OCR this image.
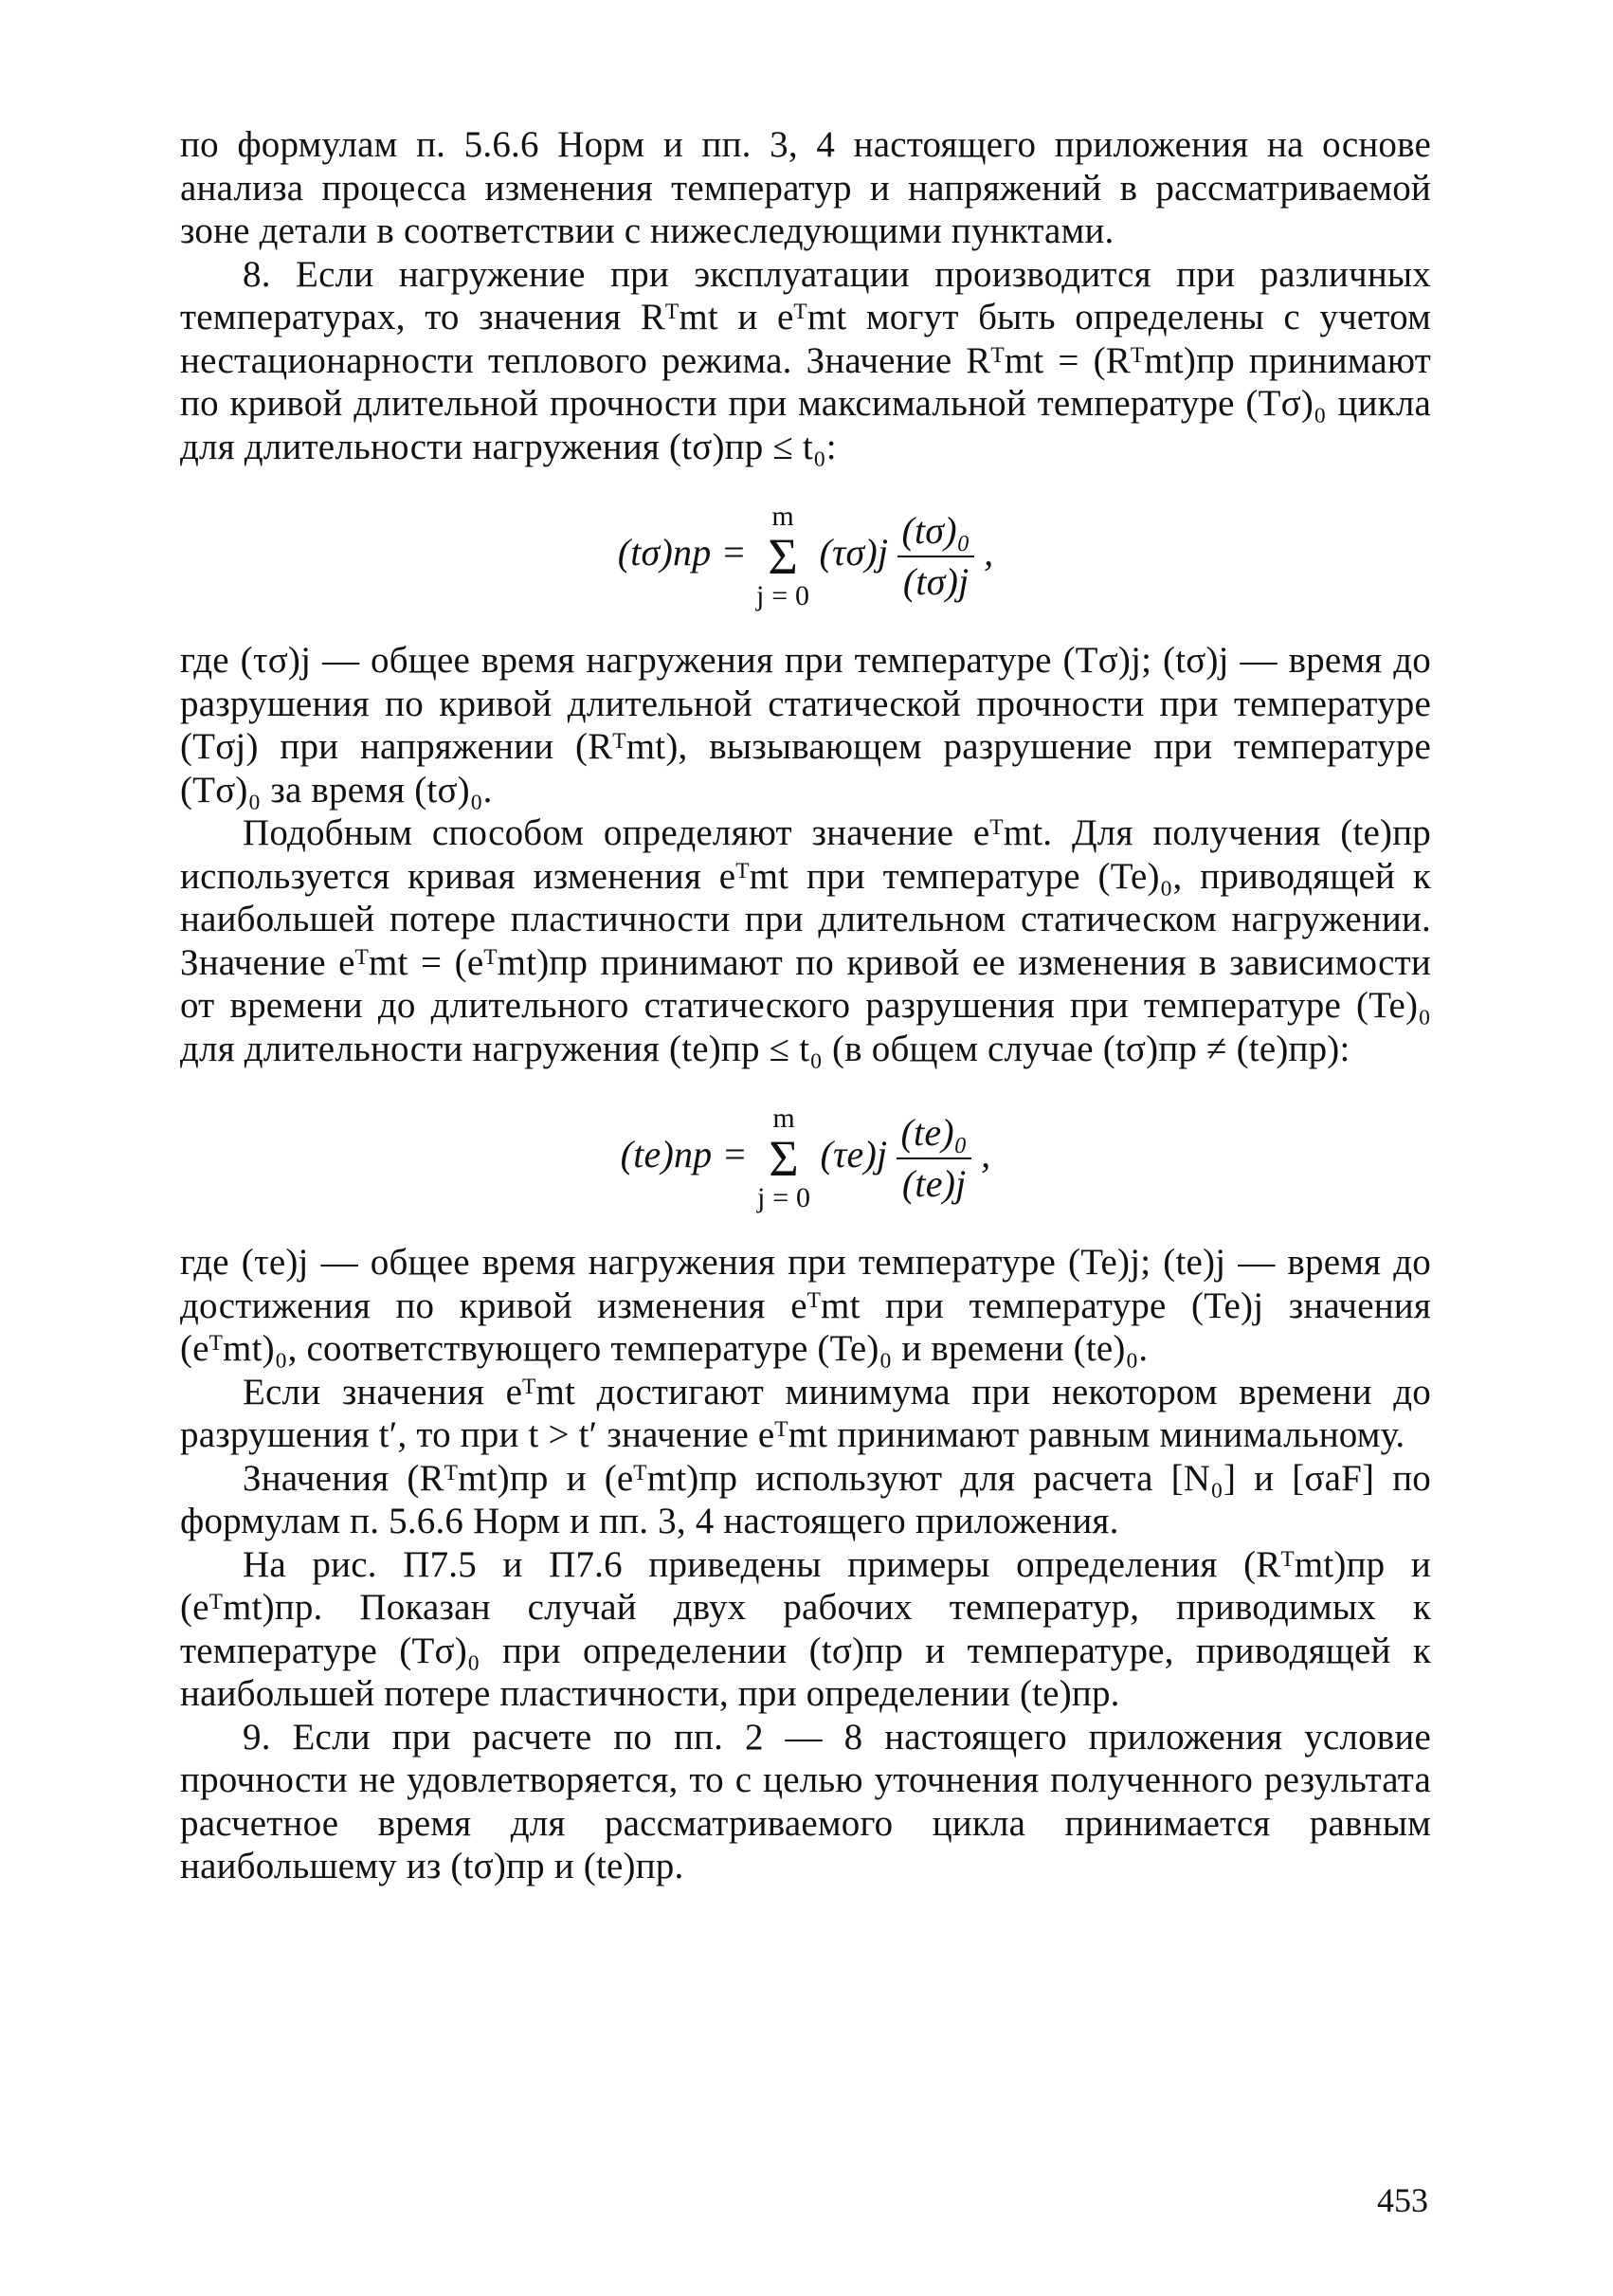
по формулам п. 5.6.6 Норм и пп. 3, 4 настоящего приложения на основе анализа процесса изменения температур и напряжений в рассматриваемой зоне детали в соответствии с нижеследующими пунктами.

8. Если нагружение при эксплуатации производится при различных температурах, то значения Rᵀmt и eᵀmt могут быть определены с учетом нестационарности теплового режима. Значение Rᵀmt = (Rᵀmt)пр принимают по кривой длительной прочности при максимальной температуре (Tσ)₀ цикла для длительности нагружения (tσ)пр ≤ t₀:

(tσ)пр = m
Σ
j = 0 $(\tau\sigma)j \frac{\text{(tσ)₀}}{(t\sigma)j}$ ,

где (τσ)j — общее время нагружения при температуре (Tσ)j; (tσ)j — время до разрушения по кривой длительной статической прочности при температуре (Tσj) при напряжении (Rᵀmt), вызывающем разрушение при температуре (Tσ)₀ за время (tσ)₀.

Подобным способом определяют значение eᵀmt. Для получения (te)пр используется кривая изменения eᵀmt при температуре (Te)₀, приводящей к наибольшей потере пластичности при длительном статическом нагружении. Значение eᵀmt = (eᵀmt)пр принимают по кривой ее изменения в зависимости от времени до длительного статического разрушения при температуре (Te)₀ для длительности нагружения (te)пр ≤ t₀ (в общем случае (tσ)пр ≠ (te)пр):

(te)пр = m
Σ
j = 0 $(\tau e)j \frac{\text{(te)₀}}{(te)j}$ ,

где (τe)j — общее время нагружения при температуре (Te)j; (te)j — время до достижения по кривой изменения eᵀmt при температуре (Te)j значения (eᵀmt)₀, соответствующего температуре (Te)₀ и времени (te)₀.

Если значения eᵀmt достигают минимума при некотором времени до разрушения t′, то при t > t′ значение eᵀmt принимают равным минимальному.

Значения (Rᵀmt)пр и (eᵀmt)пр используют для расчета [N₀] и [σaF] по формулам п. 5.6.6 Норм и пп. 3, 4 настоящего приложения.

На рис. П7.5 и П7.6 приведены примеры определения (Rᵀmt)пр и (eᵀmt)пр. Показан случай двух рабочих температур, приводимых к температуре (Tσ)₀ при определении (tσ)пр и температуре, приводящей к наибольшей потере пластичности, при определении (te)пр.

9. Если при расчете по пп. 2 — 8 настоящего приложения условие прочности не удовлетворяется, то с целью уточнения полученного результата расчетное время для рассматриваемого цикла принимается равным наибольшему из (tσ)пр и (te)пр.

453
